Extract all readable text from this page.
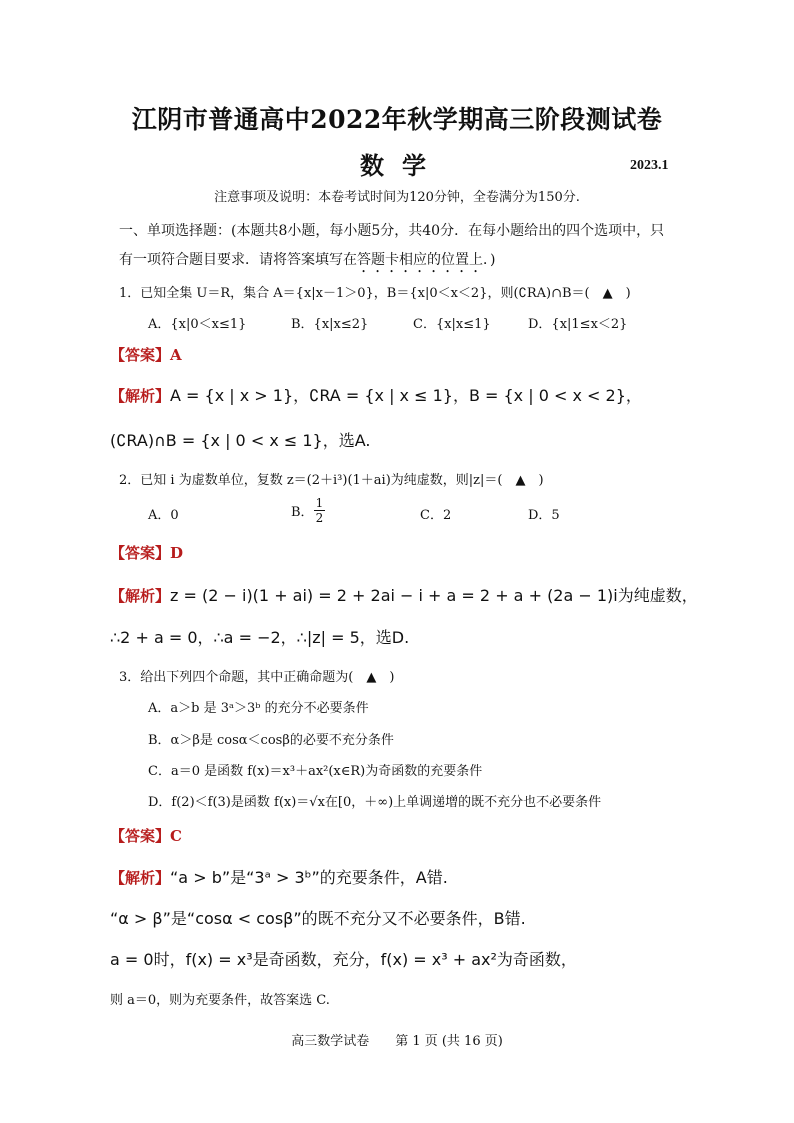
江阴市普通高中2022年秋学期高三阶段测试卷
数学	2023.1
注意事项及说明：本卷考试时间为120分钟，全卷满分为150分.
一、单项选择题：(本题共8小题，每小题5分，共40分．在每小题给出的四个选项中，只
有一项符合题目要求．请将答案填写在答题卡相应的位置上．)
1．已知全集 U＝R，集合 A＝{x|x－1＞0}，B＝{x|0＜x＜2}，则(∁RA)∩B＝(　▲　)
A．{x|0＜x≤1}	B．{x|x≤2}	C．{x|x≤1}	D．{x|1≤x＜2}
【答案】A
【解析】A = {x | x > 1}，∁RA = {x | x ≤ 1}，B = {x | 0 < x < 2}，
(∁RA)∩B = {x | 0 < x ≤ 1}，选A.
2．已知 i 为虚数单位，复数 z＝(2＋i³)(1＋ai)为纯虚数，则|z|＝(　▲　)
A．0	B． $\frac{1}{2}$	C．2	D．5
【答案】D
【解析】z = (2 − i)(1 + ai) = 2 + 2ai − i + a = 2 + a + (2a − 1)i为纯虚数，
∴2 + a = 0，∴a = −2，∴|z| = 5，选D.
3．给出下列四个命题，其中正确命题为(　▲　)
A．a＞b 是 3ᵃ＞3ᵇ 的充分不必要条件
B．α＞β是 cosα＜cosβ的必要不充分条件
C．a＝0 是函数 f(x)＝x³＋ax²(x∈R)为奇函数的充要条件
D．f(2)＜f(3)是函数 f(x)＝√x在[0，＋∞)上单调递增的既不充分也不必要条件
【答案】C
【解析】“a > b”是“3ᵃ > 3ᵇ”的充要条件，A错.
“α > β”是“cosα < cosβ”的既不充分又不必要条件，B错.
a = 0时，f(x) = x³是奇函数，充分，f(x) = x³ + ax²为奇函数，
则 a＝0，则为充要条件，故答案选 C.
高三数学试卷　　第 1 页 (共 16 页)
